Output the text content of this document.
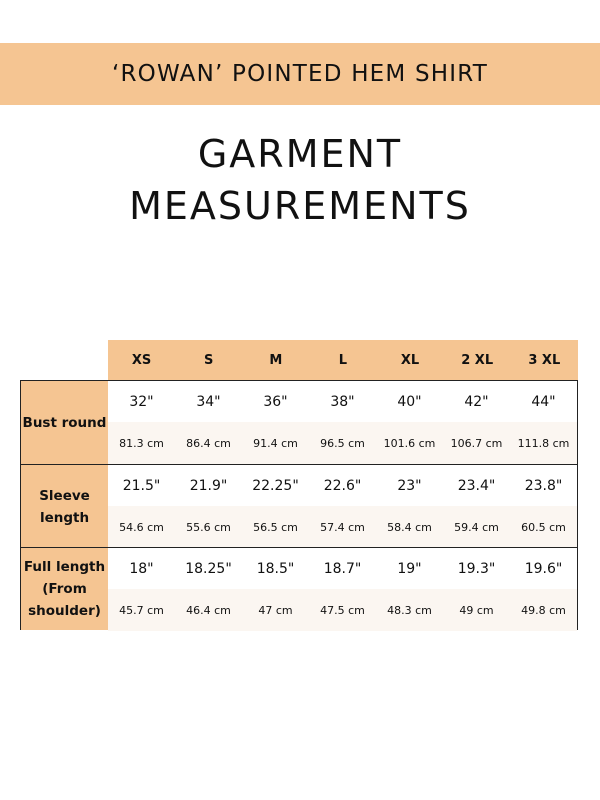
‘ROWAN’ POINTED HEM SHIRT
GARMENT
MEASUREMENTS
XS	S	M	L	XL	2 XL	3 XL
Bust round
32"	34"	36"	38"	40"	42"	44"
81.3 cm	86.4 cm	91.4 cm	96.5 cm	101.6 cm	106.7 cm	111.8 cm
Sleeve
length
21.5"	21.9"	22.25"	22.6"	23"	23.4"	23.8"
54.6 cm	55.6 cm	56.5 cm	57.4 cm	58.4 cm	59.4 cm	60.5 cm
Full length
(From
shoulder)
18"	18.25"	18.5"	18.7"	19"	19.3"	19.6"
45.7 cm	46.4 cm	47 cm	47.5 cm	48.3 cm	49 cm	49.8 cm
